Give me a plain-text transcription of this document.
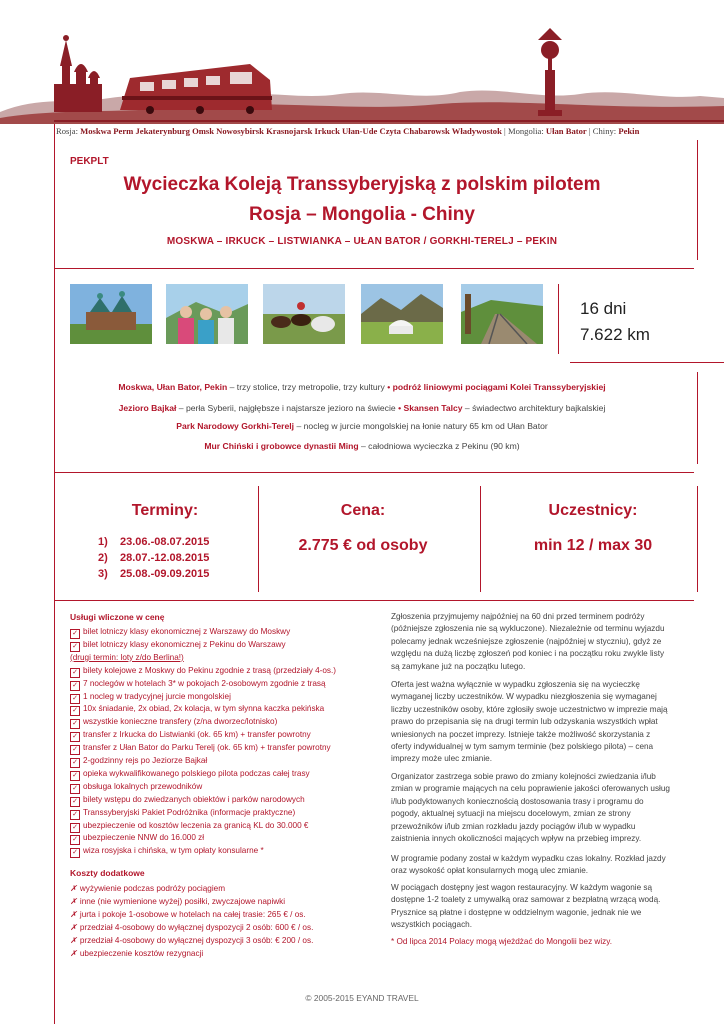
Rosja: Moskwa Perm Jekaterynburg Omsk Nowosybirsk Krasnojarsk Irkuck Ułan-Ude Czyta Chabarowsk Władywostok | Mongolia: Ułan Bator | Chiny: Pekin
PEKPLT
Wycieczka Koleją Transsyberyjską z polskim pilotem
Rosja – Mongolia - Chiny
MOSKWA – IRKUCK – LISTWIANKA – UŁAN BATOR / GORKHI-TERELJ – PEKIN
16 dni
7.622 km
Moskwa, Ułan Bator, Pekin – trzy stolice, trzy metropolie, trzy kultury • podróż liniowymi pociągami Kolei Transsyberyjskiej
Jezioro Bajkał – perła Syberii, najgłębsze i najstarsze jezioro na świecie • Skansen Talcy – świadectwo architektury bajkalskiej
Park Narodowy Gorkhi-Terelj – nocleg w jurcie mongolskiej na łonie natury 65 km od Ułan Bator
Mur Chiński i grobowce dynastii Ming – całodniowa wycieczka z Pekinu (90 km)
Terminy:
1) 23.06.-08.07.2015
2) 28.07.-12.08.2015
3) 25.08.-09.09.2015
Cena:
2.775 € od osoby
Uczestnicy:
min 12 / max 30
Usługi wliczone w cenę
✓ bilet lotniczy klasy ekonomicznej z Warszawy do Moskwy
✓ bilet lotniczy klasy ekonomicznej z Pekinu do Warszawy
(drugi termin: loty z/do Berlina!)
✓ bilety kolejowe z Moskwy do Pekinu zgodnie z trasą (przedziały 4-os.)
✓ 7 noclegów w hotelach 3* w pokojach 2-osobowym zgodnie z trasą
✓ 1 nocleg w tradycyjnej jurcie mongolskiej
✓ 10x śniadanie, 2x obiad, 2x kolacja, w tym słynna kaczka pekińska
✓ wszystkie konieczne transfery (z/na dworzec/lotnisko)
✓ transfer z Irkucka do Listwianki (ok. 65 km) + transfer powrotny
✓ transfer z Ułan Bator do Parku Terelj (ok. 65 km) + transfer powrotny
✓ 2-godzinny rejs po Jeziorze Bajkał
✓ opieka wykwalifikowanego polskiego pilota podczas całej trasy
✓ obsługa lokalnych przewodników
✓ bilety wstępu do zwiedzanych obiektów i parków narodowych
✓ Transsyberyjski Pakiet Podróżnika (informacje praktyczne)
✓ ubezpieczenie od kosztów leczenia za granicą KL do 30.000 €
✓ ubezpieczenie NNW do 16.000 zł
✓ wiza rosyjska i chińska, w tym opłaty konsularne *
Koszty dodatkowe
✗ wyżywienie podczas podróży pociągiem
✗ inne (nie wymienione wyżej) posiłki, zwyczajowe napiwki
✗ jurta i pokoje 1-osobowe w hotelach na całej trasie: 265 € / os.
✗ przedział 4-osobowy do wyłącznej dyspozycji 2 osób: 600 € / os.
✗ przedział 4-osobowy do wyłącznej dyspozycji 3 osób: € 200 / os.
✗ ubezpieczenie kosztów rezygnacji
Zgłoszenia przyjmujemy najpóźniej na 60 dni przed terminem podróży (późniejsze zgłoszenia nie są wykluczone). Niezależnie od terminu wyjazdu polecamy jednak wcześniejsze zgłoszenie (najpóźniej w styczniu), gdyż ze względu na dużą liczbę zgłoszeń pod koniec i na początku roku zwykle listy są zamykane już na początku lutego.
Oferta jest ważna wyłącznie w wypadku zgłoszenia się na wycieczkę wymaganej liczby uczestników. W wypadku niezgłoszenia się wymaganej liczby uczestników osoby, które zgłosiły swoje uczestnictwo w imprezie mają prawo do przepisania się na drugi termin lub odzyskania wszystkich wpłat wniesionych na poczet imprezy. Istnieje także możliwość skorzystania z oferty indywidualnej w tym samym terminie (bez polskiego pilota) – cena imprezy może ulec zmianie.
Organizator zastrzega sobie prawo do zmiany kolejności zwiedzania i/lub zmian w programie mających na celu poprawienie jakości oferowanych usług i/lub podyktowanych koniecznością dostosowania trasy i programu do pogody, aktualnej sytuacji na miejscu docelowym, zmian ze strony przewoźników i/lub zmian rozkładu jazdy pociągów i/lub w wypadku zaistnienia innych okoliczności mających wpływ na przebieg imprezy.
W programie podany został w każdym wypadku czas lokalny. Rozkład jazdy oraz wysokość opłat konsularnych mogą ulec zmianie.
W pociągach dostępny jest wagon restauracyjny. W każdym wagonie są dostępne 1-2 toalety z umywalką oraz samowar z bezpłatną wrzącą wodą. Prysznice są płatne i dostępne w oddzielnym wagonie, jednak nie we wszystkich pociągach.
* Od lipca 2014 Polacy mogą wjeżdżać do Mongolii bez wizy.
© 2005-2015 EYAND TRAVEL
